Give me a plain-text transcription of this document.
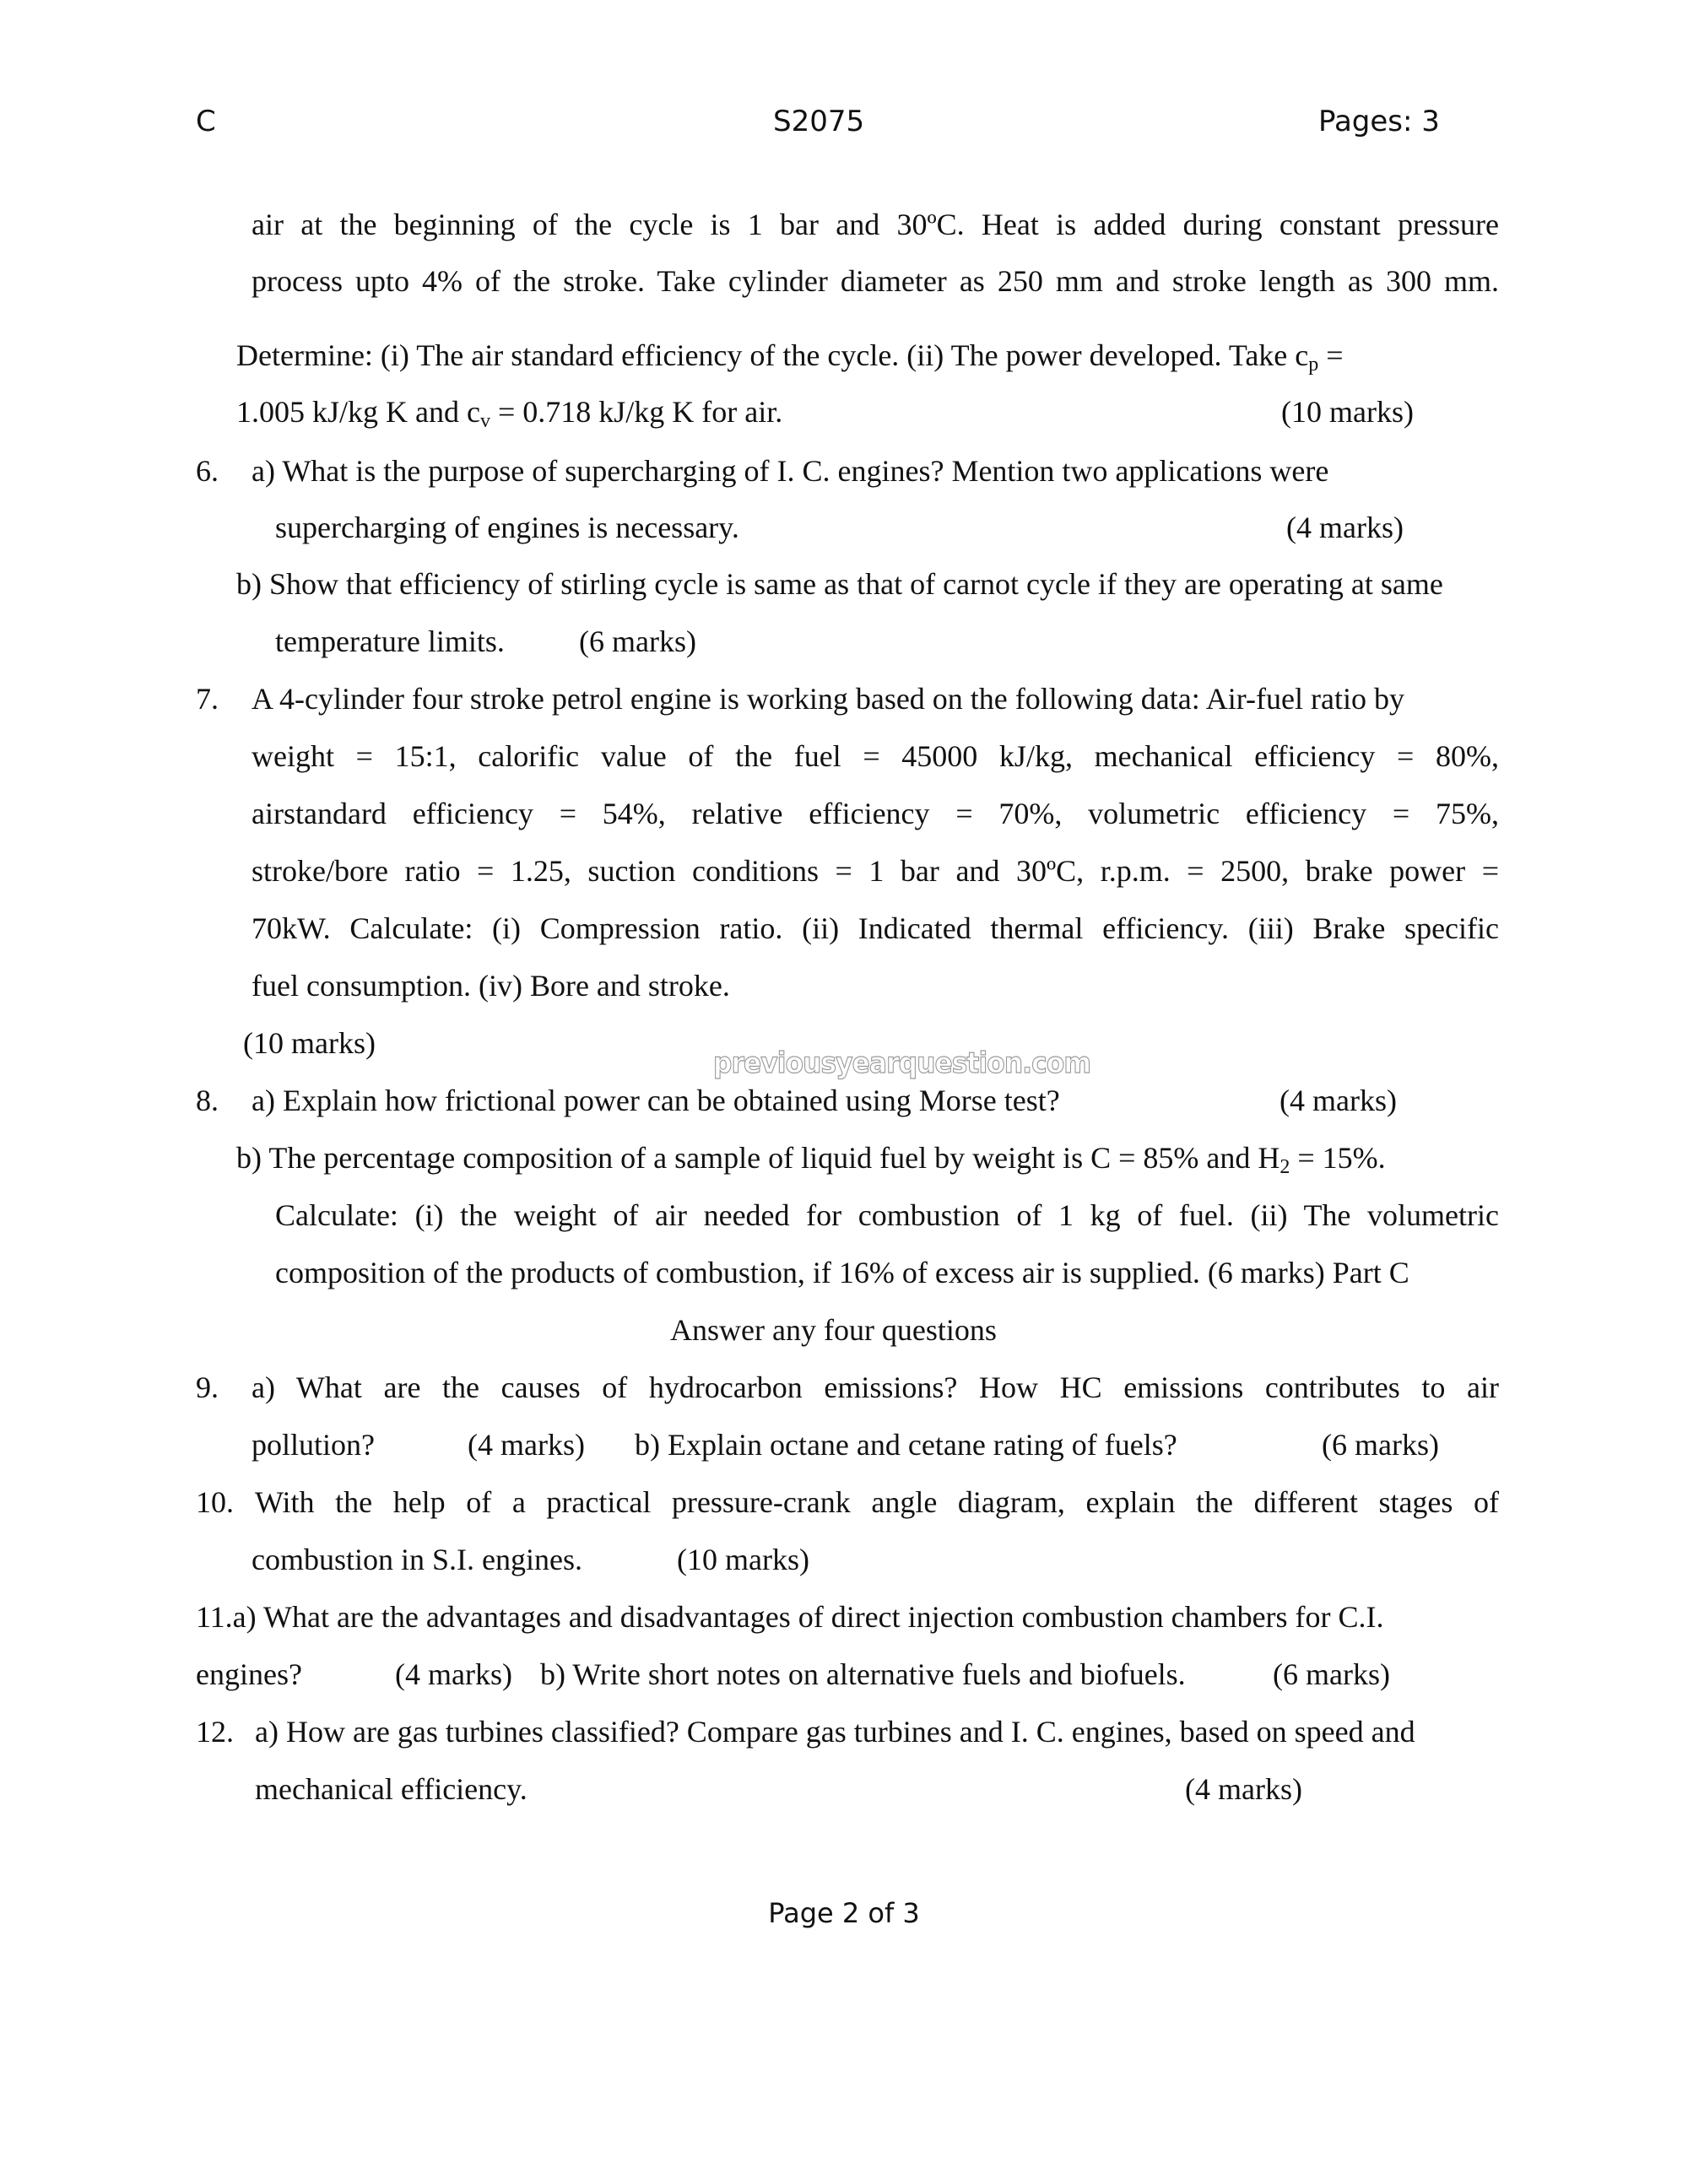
C	S2075	Pages: 3
air at the beginning of the cycle is 1 bar and 30ºC. Heat is added during constant pressure
process upto 4% of the stroke. Take cylinder diameter as 250 mm and stroke length as 300 mm.
Determine: (i) The air standard efficiency of the cycle. (ii) The power developed. Take $c_p$ =
1.005 kJ/kg K and $c_v = 0.718$ kJ/kg K for air.	(10 marks)
6. a) What is the purpose of supercharging of I. C. engines? Mention two applications were
supercharging of engines is necessary.	(4 marks)
b) Show that efficiency of stirling cycle is same as that of carnot cycle if they are operating at same
temperature limits. (6 marks)
7. A 4-cylinder four stroke petrol engine is working based on the following data: Air-fuel ratio by
weight = 15:1, calorific value of the fuel = 45000 kJ/kg, mechanical efficiency = 80%,
airstandard efficiency = 54%, relative efficiency = 70%, volumetric efficiency = 75%,
stroke/bore ratio = 1.25, suction conditions = 1 bar and 30ºC, r.p.m. = 2500, brake power =
70kW. Calculate: (i) Compression ratio. (ii) Indicated thermal efficiency. (iii) Brake specific
fuel consumption. (iv) Bore and stroke.
(10 marks)
previousyearquestion.com
8. a) Explain how frictional power can be obtained using Morse test?	(4 marks)
b) The percentage composition of a sample of liquid fuel by weight is C = 85% and $H_2 = 15\%$.
Calculate: (i) the weight of air needed for combustion of 1 kg of fuel. (ii) The volumetric
composition of the products of combustion, if 16% of excess air is supplied. (6 marks) Part C
Answer any four questions
9. a) What are the causes of hydrocarbon emissions? How HC emissions contributes to air
pollution?	(4 marks) b) Explain octane and cetane rating of fuels?	(6 marks)
10. With the help of a practical pressure-crank angle diagram, explain the different stages of
combustion in S.I. engines.	(10 marks)
11.a) What are the advantages and disadvantages of direct injection combustion chambers for C.I.
engines?	(4 marks) b) Write short notes on alternative fuels and biofuels.	(6 marks)
12. a) How are gas turbines classified? Compare gas turbines and I. C. engines, based on speed and
mechanical efficiency.	(4 marks)
Page 2 of 3
